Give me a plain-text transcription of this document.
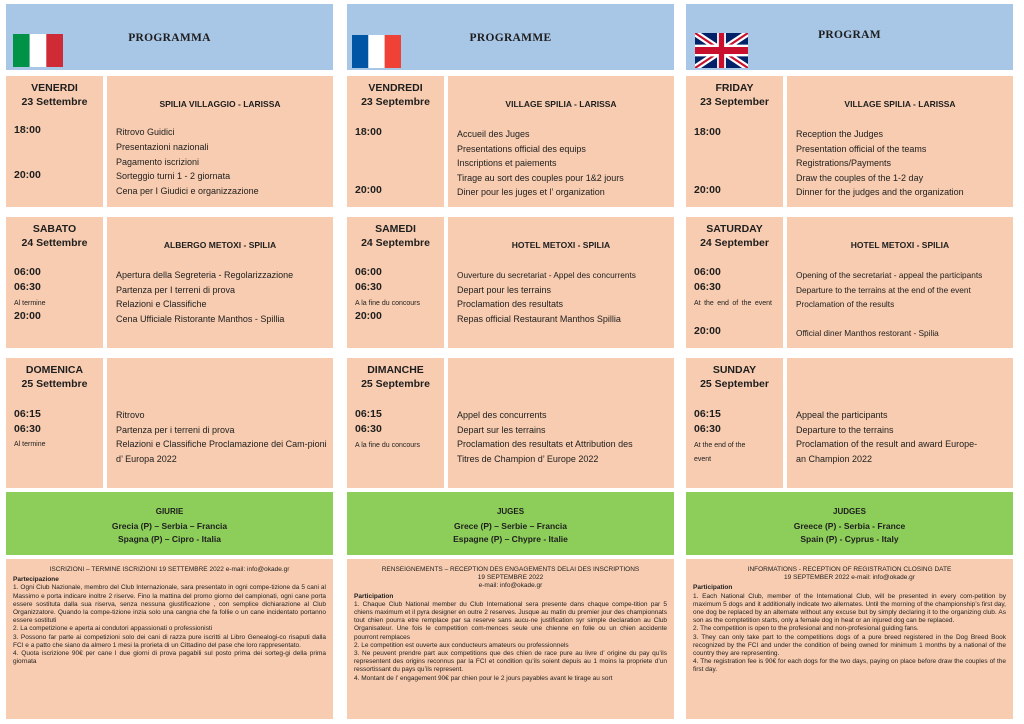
PROGRAMMA
VENERDI
23 Settembre
18:00
20:00
SPILIA VILLAGGIO - LARISSA
Ritrovo Guidici
Presentazioni nazionali
Pagamento iscrizioni
Sorteggio turni 1 - 2 giornata
Cena per I Giudici e organizzazione
SABATO
24 Settembre
06:00
06:30
Al termine
20:00
ALBERGO METOXI - SPILIA
Apertura della Segreteria - Regolarizzazione
Partenza per I terreni di prova
Relazioni e Classifiche
Cena Ufficiale Ristorante Manthos - Spillia
DOMENICA
25 Settembre
06:15
06:30
Al termine
Ritrovo
Partenza per i terreni di prova
Relazioni e Classifiche Proclamazione dei Cam-pioni d’ Europa 2022
GIURIE
Grecia (P) – Serbia – Francia
Spagna (P) – Cipro - Italia
ISCRIZIONI – TERMINE ISCRIZIONI 19 SETTEMBRE 2022 e-mail: info@okade.gr
Partecipazione

1. Ogni Club Nazionale, membro del Club Internazionale, sara presentato in ogni compe-tizione da 5 cani al Massimo e porta indicare inoltre 2 riserve. Fino la mattina del promo giorno del campionati, ogni cane porta essere sostituta dalla sua riserva, senza nessuna giustificazione , con semplice dichiarazione al Club Organizzatore. Quando la compe-tizione inzia solo una cangna che fa follie o un cane incidentato portanno essere sostituti

2. La competizione e aperta ai condutori appassionati o professionisti

3. Possono far parte ai competizioni solo dei cani di razza pure iscritti al Libro Genealogi-co risaputi dalla FCI e a patto che siano da almero 1 mesi la prorieta di un Cittadino del pase che loro rappresentato.

4. Quota iscrizione 90€ per cane I due giorni di prova pagabili sul posto prima dei sorteg-gi della prima giornata

PROGRAMME
VENDREDI
23 Septembre
18:00
20:00
VILLAGE SPILIA - LARISSA
Accueil des Juges
Presentations official des equips
Inscriptions et paiements
Tirage au sort des couples pour 1&2 jours
Diner pour les juges et l’ organization
SAMEDI
24 Septembre
06:00
06:30
A la fine du concours
20:00
HOTEL METOXI - SPILIA
Ouverture du secretariat - Appel des concurrents
Depart pour les terrains
Proclamation des resultats
Repas official Restaurant Manthos Spillia
DIMANCHE
25 Septembre
06:15
06:30
A la fine du concours
Appel des concurrents
Depart sur les terrains
Proclamation des resultats et Attribution des
Titres de Champion d’ Europe 2022
JUGES
Grece (P) – Serbie – Francia
Espagne (P) – Chypre - Italie
RENSEIGNEMENTS – RECEPTION DES ENGAGEMENTS DELAI DES INSCRIPTIONS
19 SEPTEMBRE 2022
e-mail: info@okade.gr
Participation

1. Chaque Club National member du Club International sera presente dans chaque compe-tition par 5 chiens maximum et il pyra designer en outre 2 reserves. Jusque au matin du premier jour des championnats tout chien pourra etre remplace par sa reserve sans aucu-ne justification syr simple declaration au Club Organisateur. Une fois le competition com-mences seule une chienne en folie ou un chien accidente pourront remplaces

2. Le competition est ouverte aux conducteurs amateurs ou professionnels

3. Ne peuvent prendre part aux competitions que des chien de race pure au livre d’ origine du pay qu’ils representent des origins reconnus par la FCI et condition qu’ils soient depuis au 1 moins la propriete d’un ressortissant du pays qu’ils represent.

4. Montant de l’ engagement 90€ par chien pour le 2 jours payables avant le tirage au sort

PROGRAM
FRIDAY
23 September
18:00
20:00
VILLAGE SPILIA - LARISSA
Reception the Judges
Presentation official of the teams
Registrations/Payments
Draw the couples of the 1-2 day
Dinner for the judges and the organization
SATURDAY
24 September
06:00
06:30
At the end of the event
20:00
HOTEL METOXI - SPILIA
Opening of the secretariat - appeal the participants
Departure to the terrains at the end of the event
Proclamation of the results
Official diner Manthos restorant - Spilia
SUNDAY
25 September
06:15
06:30
At the end of the event
Appeal the participants
Departure to the terrains
Proclamation of the result and award Europe-
an Champion 2022
JUDGES
Greece (P) - Serbia - France
Spain (P) - Cyprus - Italy
INFORMATIONS - RECEPTION OF REGISTRATION CLOSING DATE
19 SEPTEMBER 2022 e-mail: info@okade.gr
Participation

1. Each National Club, member of the International Club, will be presented in every com-petition by maximum 5 dogs and it additionally indicate two allernates. Until the morning of the championship’s first day, one dog be replaced by an alternate without any excuse but by simply declaring it to the organizing club. As son as the comptetition starts, only a female dog in heat or an injured dog can be replaced.

2. The competition is open to the profesional and non-profesional guiding fans.

3. They can only take part to the competitions dogs of a pure breed registered in the Dog Breed Book recognized by the FCI and under the condition of being owned for minimum 1 months by a national of the country they are representing.

4. The registration fee is 90€ for each dogs for the two days, paying on place before draw the couples of the first day.
